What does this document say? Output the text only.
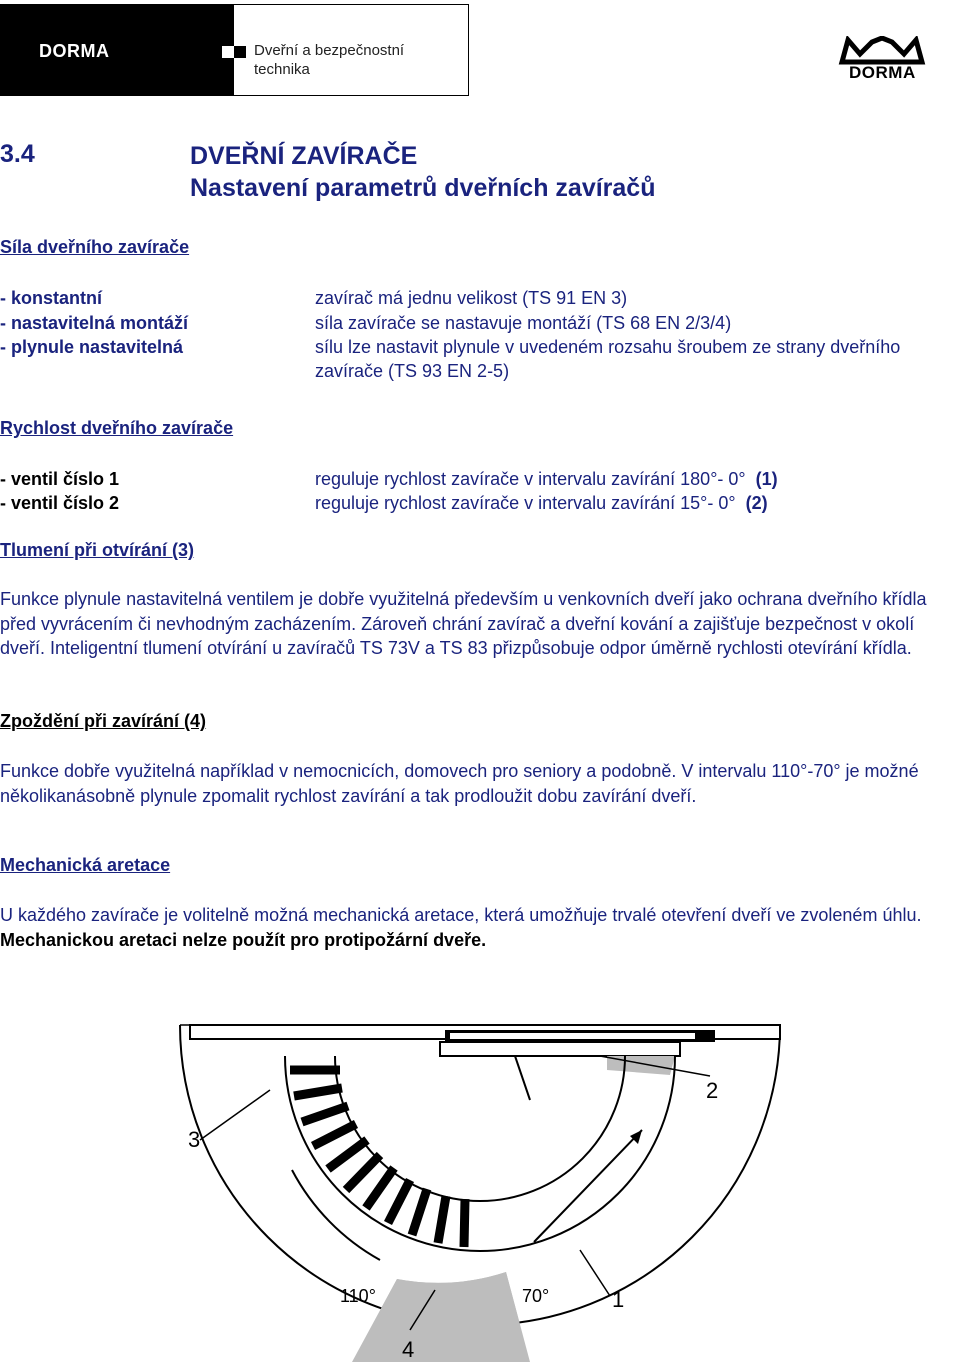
DORMA	Dveřní a bezpečnostní
technika	DORMA
3.4	DVEŘNÍ ZAVÍRAČE
Nastavení parametrů dveřních zavíračů
Síla dveřního zavírače
- konstantní	zavírač má jednu velikost (TS 91 EN 3)
- nastavitelná montáží	síla zavírače se nastavuje montáží (TS 68 EN 2/3/4)
- plynule nastavitelná	sílu lze nastavit plynule v uvedeném rozsahu šroubem ze strany dveřního zavírače (TS 93 EN 2-5)
Rychlost dveřního zavírače
- ventil číslo 1	reguluje rychlost zavírače v intervalu zavírání 180°- 0° (1)
- ventil číslo 2	reguluje rychlost zavírače v intervalu zavírání 15°- 0° (2)
Tlumení při otvírání (3)
Funkce plynule nastavitelná ventilem je dobře využitelná především u venkovních dveří jako ochrana dveřního křídla před vyvrácením či nevhodným zacházením. Zároveň chrání zavírač a dveřní kování a zajišťuje bezpečnost v okolí dveří. Inteligentní tlumení otvírání u zavíračů TS 73V a TS 83 přizpůsobuje odpor úměrně rychlosti otevírání křídla.
Zpoždění při zavírání (4)
Funkce dobře využitelná například v nemocnicích, domovech pro seniory a podobně. V intervalu 110°-70° je možné několikanásobně plynule zpomalit rychlost zavírání a tak prodloužit dobu zavírání dveří.
Mechanická aretace
U každého zavírače je volitelně možná mechanická aretace, která umožňuje trvalé otevření dveří ve zvoleném úhlu. Mechanickou aretaci nelze použít pro protipožární dveře.
3
2
1
4
110°	70°
